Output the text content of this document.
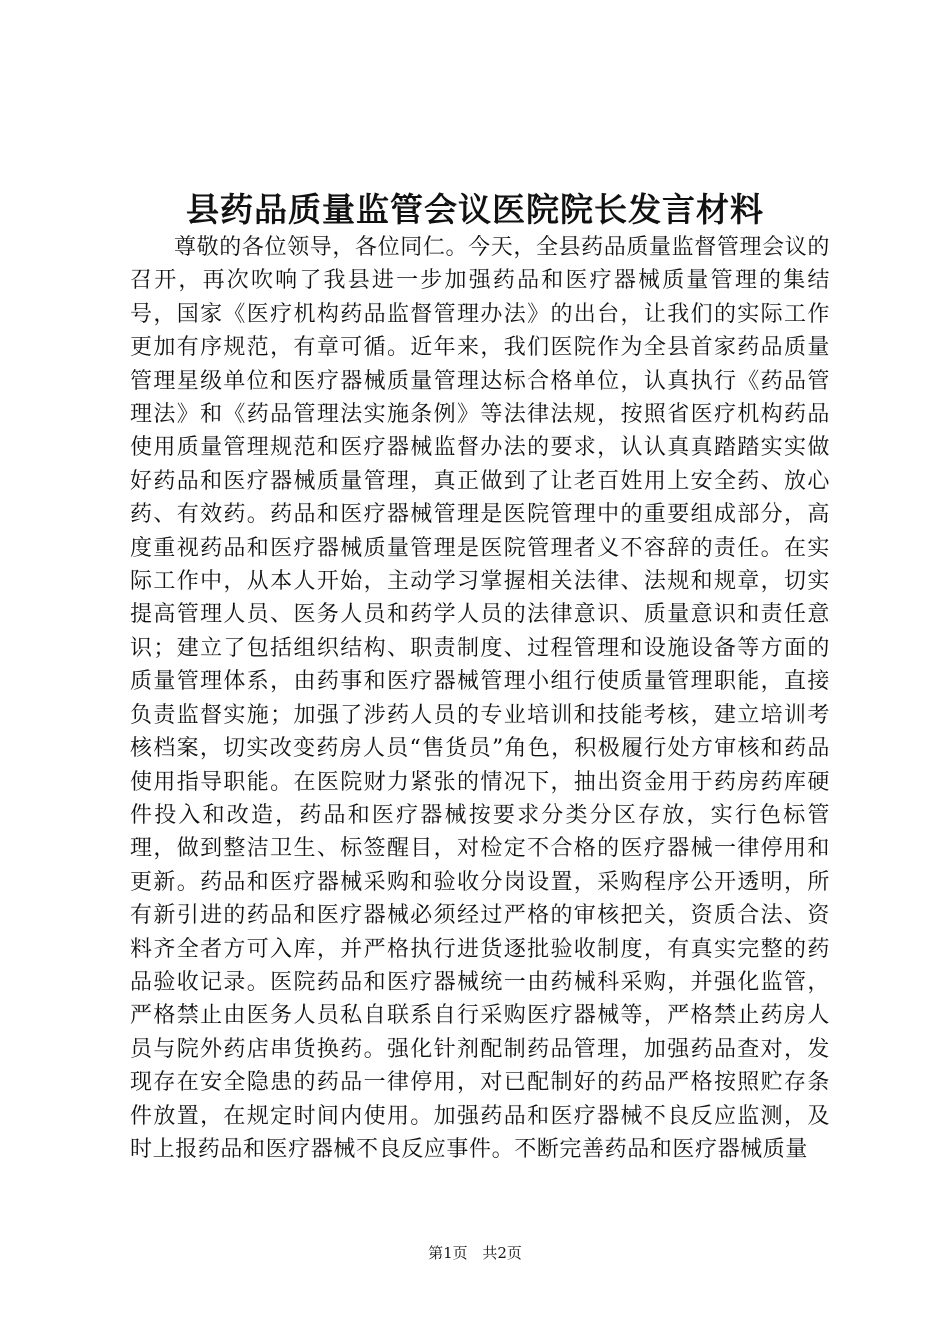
县药品质量监管会议医院院长发言材料

尊敬的各位领导，各位同仁。今天，全县药品质量监督管理会议的召开，再次吹响了我县进一步加强药品和医疗器械质量管理的集结号，国家《医疗机构药品监督管理办法》的出台，让我们的实际工作更加有序规范，有章可循。近年来，我们医院作为全县首家药品质量管理星级单位和医疗器械质量管理达标合格单位，认真执行《药品管理法》和《药品管理法实施条例》等法律法规，按照省医疗机构药品使用质量管理规范和医疗器械监督办法的要求，认认真真踏踏实实做好药品和医疗器械质量管理，真正做到了让老百姓用上安全药、放心药、有效药。药品和医疗器械管理是医院管理中的重要组成部分，高度重视药品和医疗器械质量管理是医院管理者义不容辞的责任。在实际工作中，从本人开始，主动学习掌握相关法律、法规和规章，切实提高管理人员、医务人员和药学人员的法律意识、质量意识和责任意识；建立了包括组织结构、职责制度、过程管理和设施设备等方面的质量管理体系，由药事和医疗器械管理小组行使质量管理职能，直接负责监督实施；加强了涉药人员的专业培训和技能考核，建立培训考核档案，切实改变药房人员“售货员”角色，积极履行处方审核和药品使用指导职能。在医院财力紧张的情况下，抽出资金用于药房药库硬件投入和改造，药品和医疗器械按要求分类分区存放，实行色标管理，做到整洁卫生、标签醒目，对检定不合格的医疗器械一律停用和更新。药品和医疗器械采购和验收分岗设置，采购程序公开透明，所有新引进的药品和医疗器械必须经过严格的审核把关，资质合法、资料齐全者方可入库，并严格执行进货逐批验收制度，有真实完整的药品验收记录。医院药品和医疗器械统一由药械科采购，并强化监管，严格禁止由医务人员私自联系自行采购医疗器械等，严格禁止药房人员与院外药店串货换药。强化针剂配制药品管理，加强药品查对，发现存在安全隐患的药品一律停用，对已配制好的药品严格按照贮存条件放置，在规定时间内使用。加强药品和医疗器械不良反应监测，及时上报药品和医疗器械不良反应事件。不断完善药品和医疗器械质量

第1页 共2页
